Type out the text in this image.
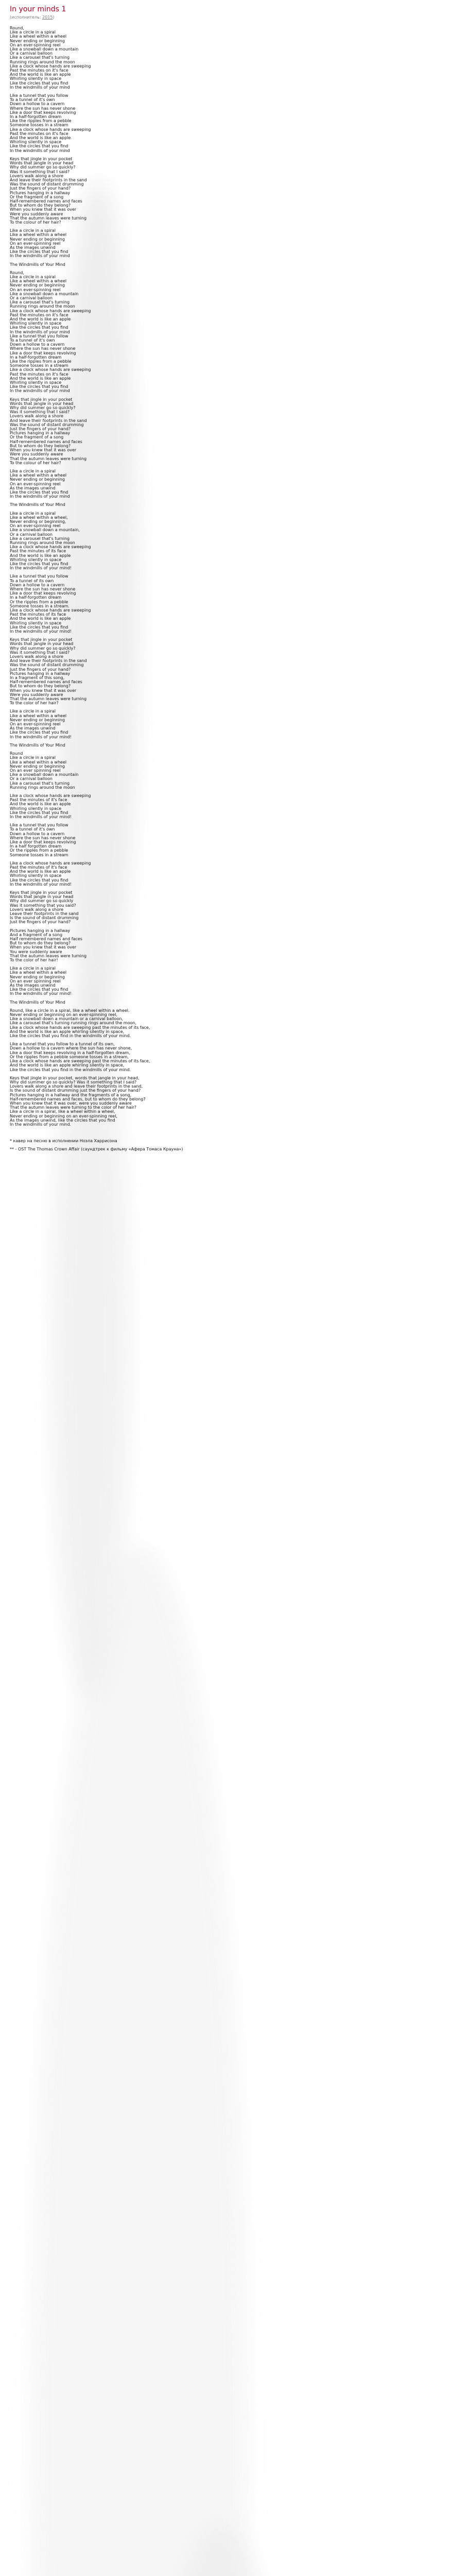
In your minds 1
(исполнитель: 2015)
Round,
Like a circle in a spiral
Like a wheel within a wheel
Never ending or beginning
On an ever-spinning reel
Like a snowball down a mountain
Or a carnival balloon
Like a carousel that's turning
Running rings around the moon
Like a clock whose hands are sweeping
Past the minutes on it's face
And the world is like an apple
Whirling silently in space
Like the circles that you find
In the windmills of your mind
Like a tunnel that you follow
To a tunnel of it's own
Down a hollow to a cavern
Where the sun has never shone
Like a door that keeps revolving
In a half-forgotten dream
Like the ripples from a pebble
Someone tosses in a stream
Like a clock whose hands are sweeping
Past the minutes on it's face
And the world is like an apple
Whirling silently in space
Like the circles that you find
In the windmills of your mind
Keys that jingle in your pocket
Words that jangle in your head
Why did summer go so quickly?
Was it something that I said?
Lovers walk along a shore
And leave their footprints in the sand
Was the sound of distant drumming
Just the fingers of your hand?
Pictures hanging in a hallway
Or the fragment of a song
Half-remembered names and faces
But to whom do they belong?
When you knew that it was over
Were you suddenly aware
That the autumn leaves were turning
To the colour of her hair?
Like a circle in a spiral
Like a wheel within a wheel
Never ending or beginning
On an ever-spinning reel
As the images unwind
Like the circles that you find
In the windmills of your mind
The Windmills of Your Mind
Round,
Like a circle in a spiral
Like a wheel within a wheel
Never ending or beginning
On an ever-spinning reel
Like a snowball down a mountain
Or a carnival balloon
Like a carousel that's turning
Running rings around the moon
Like a clock whose hands are sweeping
Past the minutes on it's face
And the world is like an apple
Whirling silently in space
Like the circles that you find
In the windmills of your mind
Like a tunnel that you follow
To a tunnel of it's own
Down a hollow to a cavern
Where the sun has never shone
Like a door that keeps revolving
In a half-forgotten dream
Like the ripples from a pebble
Someone tosses in a stream
Like a clock whose hands are sweeping
Past the minutes on it's face
And the world is like an apple
Whirling silently in space
Like the circles that you find
In the windmills of your mind
Keys that jingle in your pocket
Words that jangle in your head
Why did summer go so quickly?
Was it something that I said?
Lovers walk along a shore
And leave their footprints in the sand
Was the sound of distant drumming
Just the fingers of your hand?
Pictures hanging in a hallway
Or the fragment of a song
Half-remembered names and faces
But to whom do they belong?
When you knew that it was over
Were you suddenly aware
That the autumn leaves were turning
To the colour of her hair?
Like a circle in a spiral
Like a wheel within a wheel
Never ending or beginning
On an ever-spinning reel
As the images unwind
Like the circles that you find
In the windmills of your mind
The Windmills of Your Mind
Like a circle in a spiral
Like a wheel within a wheel,
Never ending or beginning,
On an ever-spinning reel
Like a snowball down a mountain,
Or a carnival balloon
Like a carousel that's turning
Running rings around the moon
Like a clock whose hands are sweeping
Past the minutes of its face
And the world is like an apple
Whirling silently in space
Like the circles that you find
In the windmills of your mind!
Like a tunnel that you follow
To a tunnel of its own
Down a hollow to a cavern
Where the sun has never shone
Like a door that keeps revolving
In a half-forgotten dream
Or the ripples from a pebble
Someone tosses in a stream.
Like a clock whose hands are sweeping
Past the minutes of its face
And the world is like an apple
Whirling silently in space
Like the circles that you find
In the windmills of your mind!
Keys that jingle in your pocket
Words that jangle in your head
Why did summer go so quickly?
Was it something that I said?
Lovers walk along a shore
And leave their footprints in the sand
Was the sound of distant drumming
Just the fingers of your hand?
Pictures hanging in a hallway
In a fragment of this song,
Half-remembered names and faces
But to whom do they belong?
When you knew that it was over
Were you suddenly aware
That the autumn leaves were turning
To the color of her hair?
Like a circle in a spiral
Like a wheel within a wheel
Never ending or beginning
On an ever-spinning reel
As the images unwind
Like the circles that you find
In the windmills of your mind!
The Windmills of Your Mind
Round
Like a circle in a spiral
Like a wheel within a wheel
Never ending or beginning
On an ever spinning reel
Like a snowball down a mountain
Or a carnival balloon
Like a carousel that's turning
Running rings around the moon
Like a clock whose hands are sweeping
Past the minutes of it's face
And the world is like an apple
Whirling silently in space
Like the circles that you find
In the windmills of your mind!
Like a tunnel that you follow
To a tunnel of it's own
Down a hollow to a cavern
Where the sun has never shone
Like a door that keeps revolving
In a half forgotten dream
Or the ripples from a pebble
Someone tosses in a stream
Like a clock whose hands are sweeping
Past the minutes of it's face
And the world is like an apple
Whirling silently in space
Like the circles that you find
In the windmills of your mind!
Keys that jingle in your pocket
Words that jangle in your head
Why did summer go so quickly
Was it something that you said?
Lovers walk along a shore
Leave their footprints in the sand
Is the sound of distant drumming
Just the fingers of your hand?
Pictures hanging in a hallway
And a fragment of a song
Half remembered names and faces
But to whom do they belong?
When you knew that it was over
You were suddenly aware
That the autumn leaves were turning
To the color of her hair!
Like a circle in a spiral
Like a wheel within a wheel
Never ending or beginning
On an ever spinning reel
As the images unwind
Like the circles that you find
In the windmills of your mind!
The Windmills of Your Mind
Round, like a circle in a spiral, like a wheel within a wheel.
Never ending or beginning on an ever-spinning reel,
Like a snowball down a mountain or a carnival balloon,
Like a carousel that's turning running rings around the moon,
Like a clock whose hands are sweeping past the minutes of its face,
And the world is like an apple whirling silently in space,
Like the circles that you find in the windmills of your mind.
Like a tunnel that you follow to a tunnel of its own,
Down a hollow to a cavern where the sun has never shone,
Like a door that keeps revolving in a half-forgotten dream,
Or the ripples from a pebble someone tosses in a stream,
Like a clock whose hands are sweeping past the minutes of its face,
And the world is like an apple whirling silently in space,
Like the circles that you find in the windmills of your mind.
Keys that jingle in your pocket, words that jangle in your head,
Why did summer go so quickly? Was it something that I said?
Lovers walk along a shore and leave their footprints in the sand,
Is the sound of distant drumming just the fingers of your hand?
Pictures hanging in a hallway and the fragments of a song,
Half-remembered names and faces, but to whom do they belong?
When you knew that it was over, were you suddenly aware
That the autumn leaves were turning to the color of her hair?
Like a circle in a spiral, like a wheel within a wheel,
Never ending or beginning on an ever-spinning reel,
As the images unwind, like the circles that you find
In the windmills of your mind.
* кавер на песню в исполнении Ноэла Харрисона
** - OST The Thomas Crown Affair (саундтрек к фильму «Афера Томаса Крауна»)
